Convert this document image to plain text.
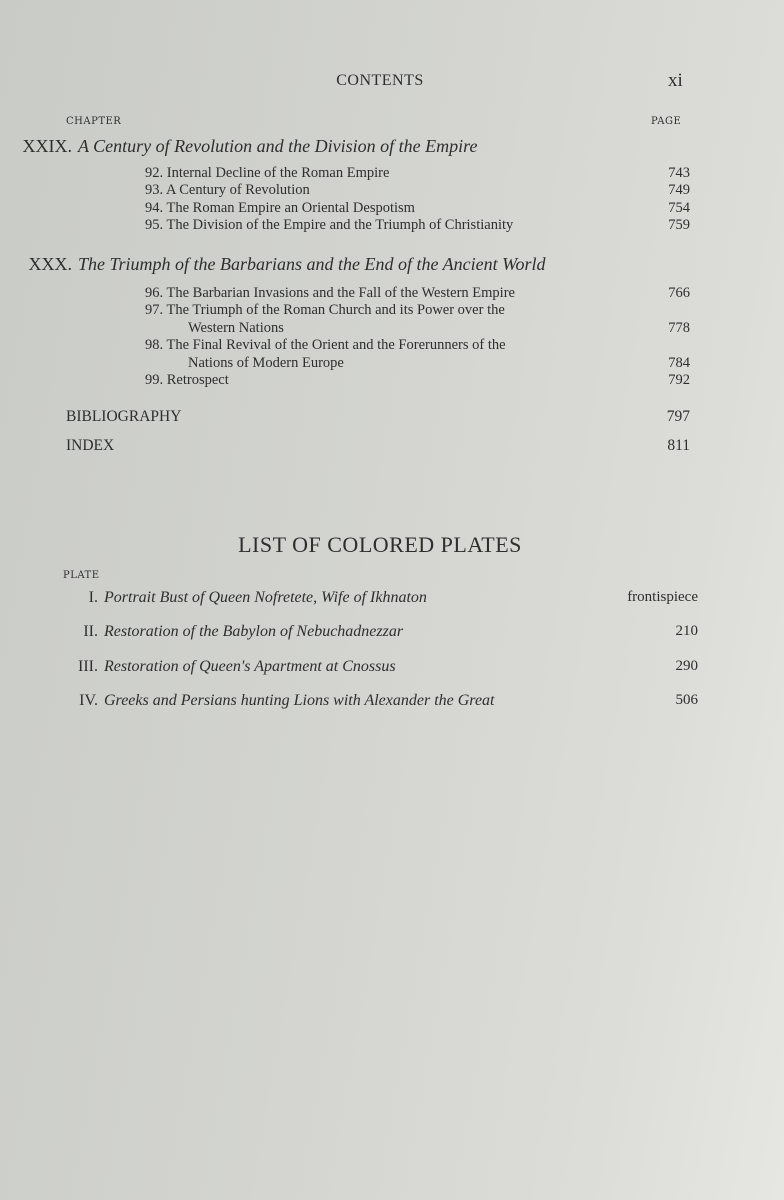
CONTENTS	xi
CHAPTER	PAGE
XXIX. A Century of Revolution and the Division of the Empire
92. Internal Decline of the Roman Empire	743
93. A Century of Revolution	749
94. The Roman Empire an Oriental Despotism	754
95. The Division of the Empire and the Triumph of Christianity	759
XXX. The Triumph of the Barbarians and the End of the Ancient World
96. The Barbarian Invasions and the Fall of the Western Empire	766
97. The Triumph of the Roman Church and its Power over the
Western Nations	778
98. The Final Revival of the Orient and the Forerunners of the
Nations of Modern Europe	784
99. Retrospect	792
BIBLIOGRAPHY	797
INDEX	811
LIST OF COLORED PLATES
PLATE
I. Portrait Bust of Queen Nofretete, Wife of Ikhnaton	frontispiece
II. Restoration of the Babylon of Nebuchadnezzar	210
III. Restoration of Queen's Apartment at Cnossus	290
IV. Greeks and Persians hunting Lions with Alexander the Great	506
